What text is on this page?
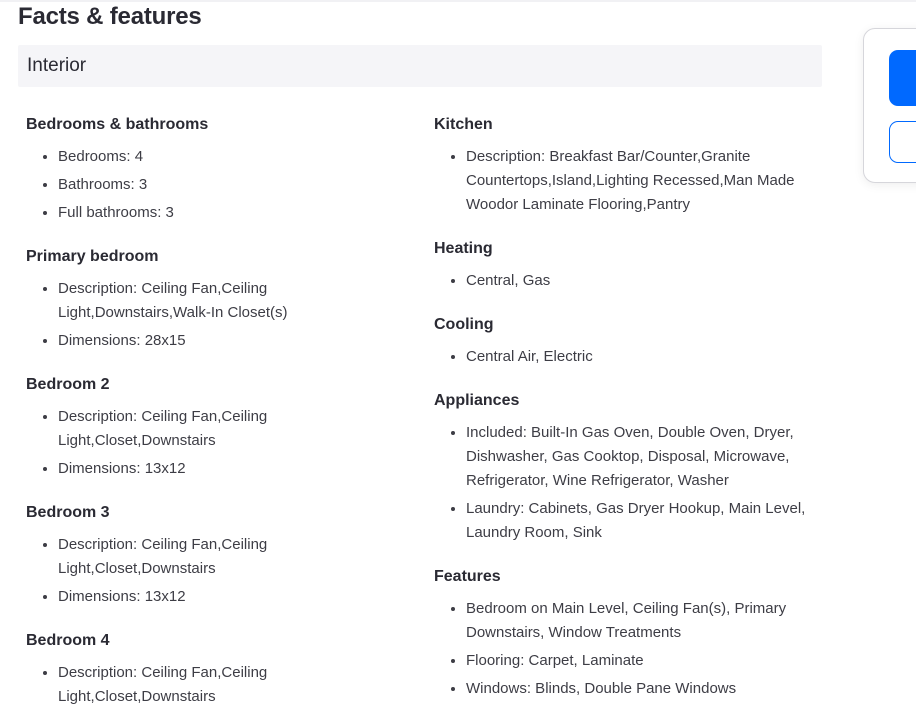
Facts & features
Interior
Bedrooms & bathrooms
• Bedrooms: 4
• Bathrooms: 3
• Full bathrooms: 3
Primary bedroom
• Description: Ceiling Fan,Ceiling Light,Downstairs,Walk-In Closet(s)
• Dimensions: 28x15
Bedroom 2
• Description: Ceiling Fan,Ceiling Light,Closet,Downstairs
• Dimensions: 13x12
Bedroom 3
• Description: Ceiling Fan,Ceiling Light,Closet,Downstairs
• Dimensions: 13x12
Bedroom 4
• Description: Ceiling Fan,Ceiling Light,Closet,Downstairs
Kitchen
• Description: Breakfast Bar/Counter,Granite Countertops,Island,Lighting Recessed,Man Made Woodor Laminate Flooring,Pantry
Heating
• Central, Gas
Cooling
• Central Air, Electric
Appliances
• Included: Built-In Gas Oven, Double Oven, Dryer, Dishwasher, Gas Cooktop, Disposal, Microwave, Refrigerator, Wine Refrigerator, Washer
• Laundry: Cabinets, Gas Dryer Hookup, Main Level, Laundry Room, Sink
Features
• Bedroom on Main Level, Ceiling Fan(s), Primary Downstairs, Window Treatments
• Flooring: Carpet, Laminate
• Windows: Blinds, Double Pane Windows
